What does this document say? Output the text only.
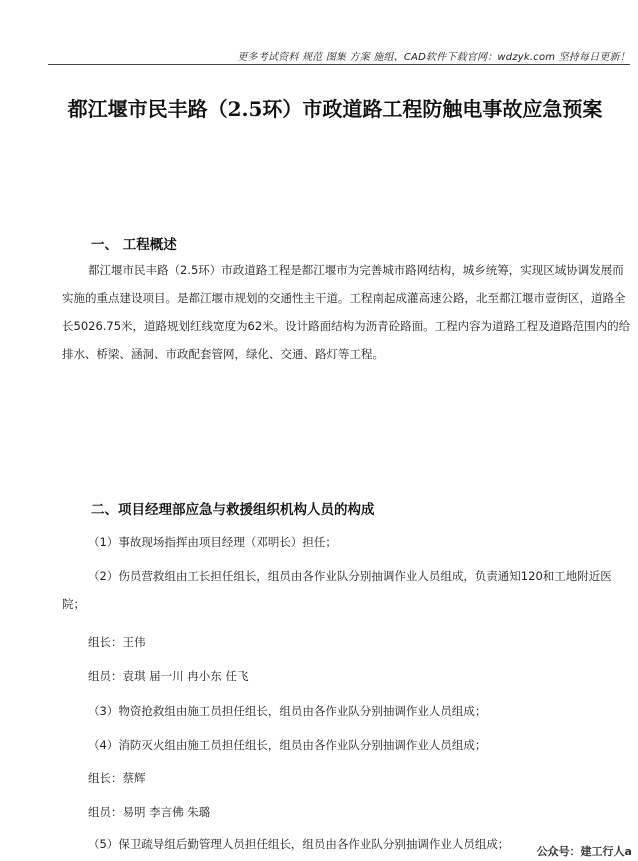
更多考试资料 规范 图集 方案 施组、CAD软件下载官网：wdzyk.com 坚持每日更新！
都江堰市民丰路（2.5环）市政道路工程防触电事故应急预案
一、 工程概述
都江堰市民丰路（2.5环）市政道路工程是都江堰市为完善城市路网结构，城乡统筹，实现区域协调发展而实施的重点建设项目。是都江堰市规划的交通性主干道。工程南起成灌高速公路，北至都江堰市壹街区，道路全长5026.75米，道路规划红线宽度为62米。设计路面结构为沥青砼路面。工程内容为道路工程及道路范围内的给排水、桥梁、涵洞、市政配套管网，绿化、交通、路灯等工程。
二、项目经理部应急与救援组织机构人员的构成
（1）事故现场指挥由项目经理（邓明长）担任；
（2）伤员营救组由工长担任组长，组员由各作业队分别抽调作业人员组成，负责通知120和工地附近医院；
组长：王伟
组员：袁琪 届一川 冉小东 任飞
（3）物资抢救组由施工员担任组长，组员由各作业队分别抽调作业人员组成；
（4）消防灭火组由施工员担任组长，组员由各作业队分别抽调作业人员组成；
组长：蔡辉
组员：易明 李言佛 朱璐
（5）保卫疏导组后勤管理人员担任组长，组员由各作业队分别抽调作业人员组成；
公众号：建工行人a
